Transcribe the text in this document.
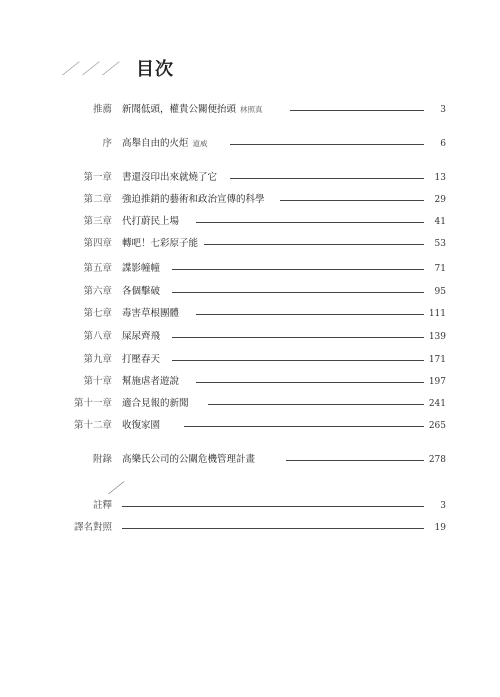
／／／ 目次
推薦 新聞低頭，權貴公關便抬頭 林照真	3
序 高舉自由的火炬 道威	6
第一章 書還沒印出來就燒了它	13
第二章 強迫推銷的藝術和政治宣傳的科學	29
第三章 代打蔚民上場	41
第四章 轉吧！七彩原子能	53
第五章 諜影幢幢	71
第六章 各個擊破	95
第七章 毒害草根團體	111
第八章 屎尿齊飛	139
第九章 打壓春天	171
第十章 幫施虐者遊說	197
第十一章 適合見報的新聞	241
第十二章 收復家園	265
附錄 高樂氏公司的公關危機管理計畫	278
／
註釋	3
譯名對照	19
